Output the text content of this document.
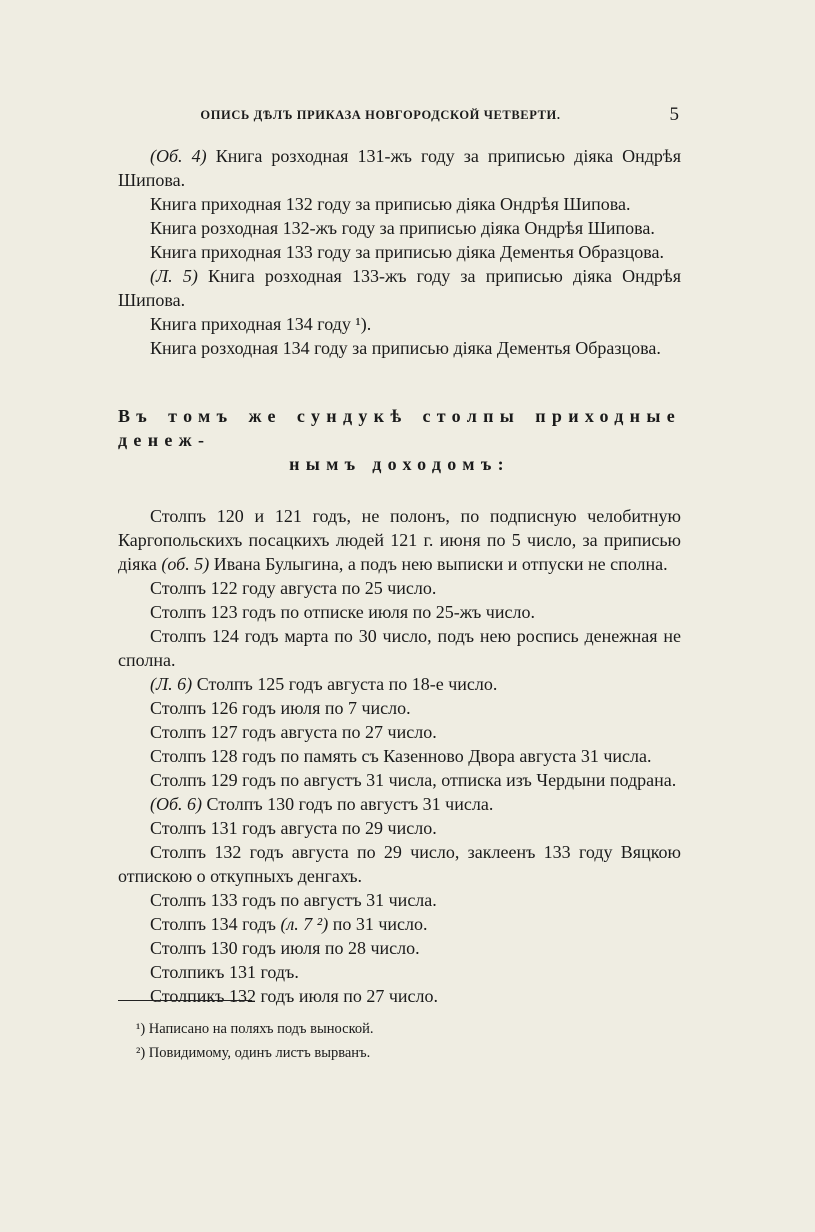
ОПИСЬ ДѢЛЪ ПРИКАЗА НОВГОРОДСКОЙ ЧЕТВЕРТИ.	5

(Об. 4) Книга розходная 131-жъ году за приписью діяка Ондрѣя Шипова.

Книга приходная 132 году за приписью діяка Ондрѣя Шипова.

Книга розходная 132-жъ году за приписью діяка Ондрѣя Шипова.

Книга приходная 133 году за приписью діяка Дементья Образцова.

(Л. 5) Книга розходная 133-жъ году за приписью діяка Ондрѣя Шипова.

Книга приходная 134 году ¹).

Книга розходная 134 году за приписью діяка Дементья Образцова.

Въ томъ же сундукѣ столпы приходные денеж-

нымъ доходомъ:

Столпъ 120 и 121 годъ, не полонъ, по подписную челобитную Каргопольскихъ посацкихъ людей 121 г. июня по 5 число, за приписью діяка (об. 5) Ивана Булыгина, а подъ нею выписки и отпуски не сполна.

Столпъ 122 году августа по 25 число.

Столпъ 123 годъ по отписке июля по 25-жъ число.

Столпъ 124 годъ марта по 30 число, подъ нею роспись денежная не сполна.

(Л. 6) Столпъ 125 годъ августа по 18-е число.

Столпъ 126 годъ июля по 7 число.

Столпъ 127 годъ августа по 27 число.

Столпъ 128 годъ по память съ Казенново Двора августа 31 числа.

Столпъ 129 годъ по августъ 31 числа, отписка изъ Чердыни подрана.

(Об. 6) Столпъ 130 годъ по августъ 31 числа.

Столпъ 131 годъ августа по 29 число.

Столпъ 132 годъ августа по 29 число, заклеенъ 133 году Вяцкою отпискою о откупныхъ денгахъ.

Столпъ 133 годъ по августъ 31 числа.

Столпъ 134 годъ (л. 7 ²) по 31 число.

Столпъ 130 годъ июля по 28 число.

Столпикъ 131 годъ.

Столпикъ 132 годъ июля по 27 число.

¹) Написано на поляхъ подъ выноской.
²) Повидимому, одинъ листъ вырванъ.
